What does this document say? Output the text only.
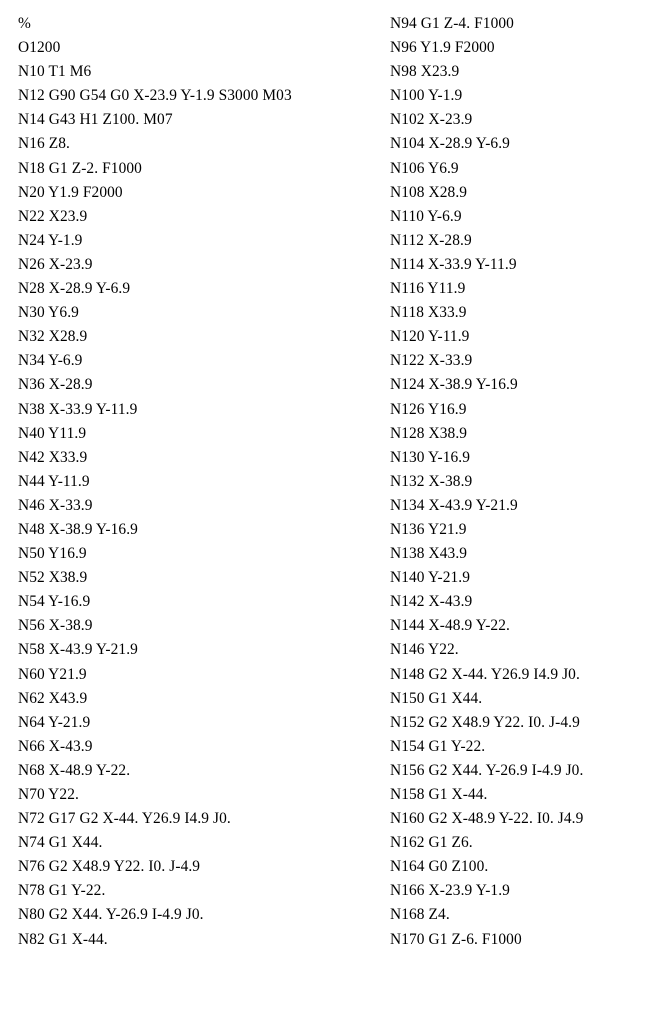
%
O1200
N10 T1 M6
N12 G90 G54 G0 X-23.9 Y-1.9 S3000 M03
N14 G43 H1 Z100. M07
N16 Z8.
N18 G1 Z-2. F1000
N20 Y1.9 F2000
N22 X23.9
N24 Y-1.9
N26 X-23.9
N28 X-28.9 Y-6.9
N30 Y6.9
N32 X28.9
N34 Y-6.9
N36 X-28.9
N38 X-33.9 Y-11.9
N40 Y11.9
N42 X33.9
N44 Y-11.9
N46 X-33.9
N48 X-38.9 Y-16.9
N50 Y16.9
N52 X38.9
N54 Y-16.9
N56 X-38.9
N58 X-43.9 Y-21.9
N60 Y21.9
N62 X43.9
N64 Y-21.9
N66 X-43.9
N68 X-48.9 Y-22.
N70 Y22.
N72 G17 G2 X-44. Y26.9 I4.9 J0.
N74 G1 X44.
N76 G2 X48.9 Y22. I0. J-4.9
N78 G1 Y-22.
N80 G2 X44. Y-26.9 I-4.9 J0.
N82 G1 X-44.
N94 G1 Z-4. F1000
N96 Y1.9 F2000
N98 X23.9
N100 Y-1.9
N102 X-23.9
N104 X-28.9 Y-6.9
N106 Y6.9
N108 X28.9
N110 Y-6.9
N112 X-28.9
N114 X-33.9 Y-11.9
N116 Y11.9
N118 X33.9
N120 Y-11.9
N122 X-33.9
N124 X-38.9 Y-16.9
N126 Y16.9
N128 X38.9
N130 Y-16.9
N132 X-38.9
N134 X-43.9 Y-21.9
N136 Y21.9
N138 X43.9
N140 Y-21.9
N142 X-43.9
N144 X-48.9 Y-22.
N146 Y22.
N148 G2 X-44. Y26.9 I4.9 J0.
N150 G1 X44.
N152 G2 X48.9 Y22. I0. J-4.9
N154 G1 Y-22.
N156 G2 X44. Y-26.9 I-4.9 J0.
N158 G1 X-44.
N160 G2 X-48.9 Y-22. I0. J4.9
N162 G1 Z6.
N164 G0 Z100.
N166 X-23.9 Y-1.9
N168 Z4.
N170 G1 Z-6. F1000
